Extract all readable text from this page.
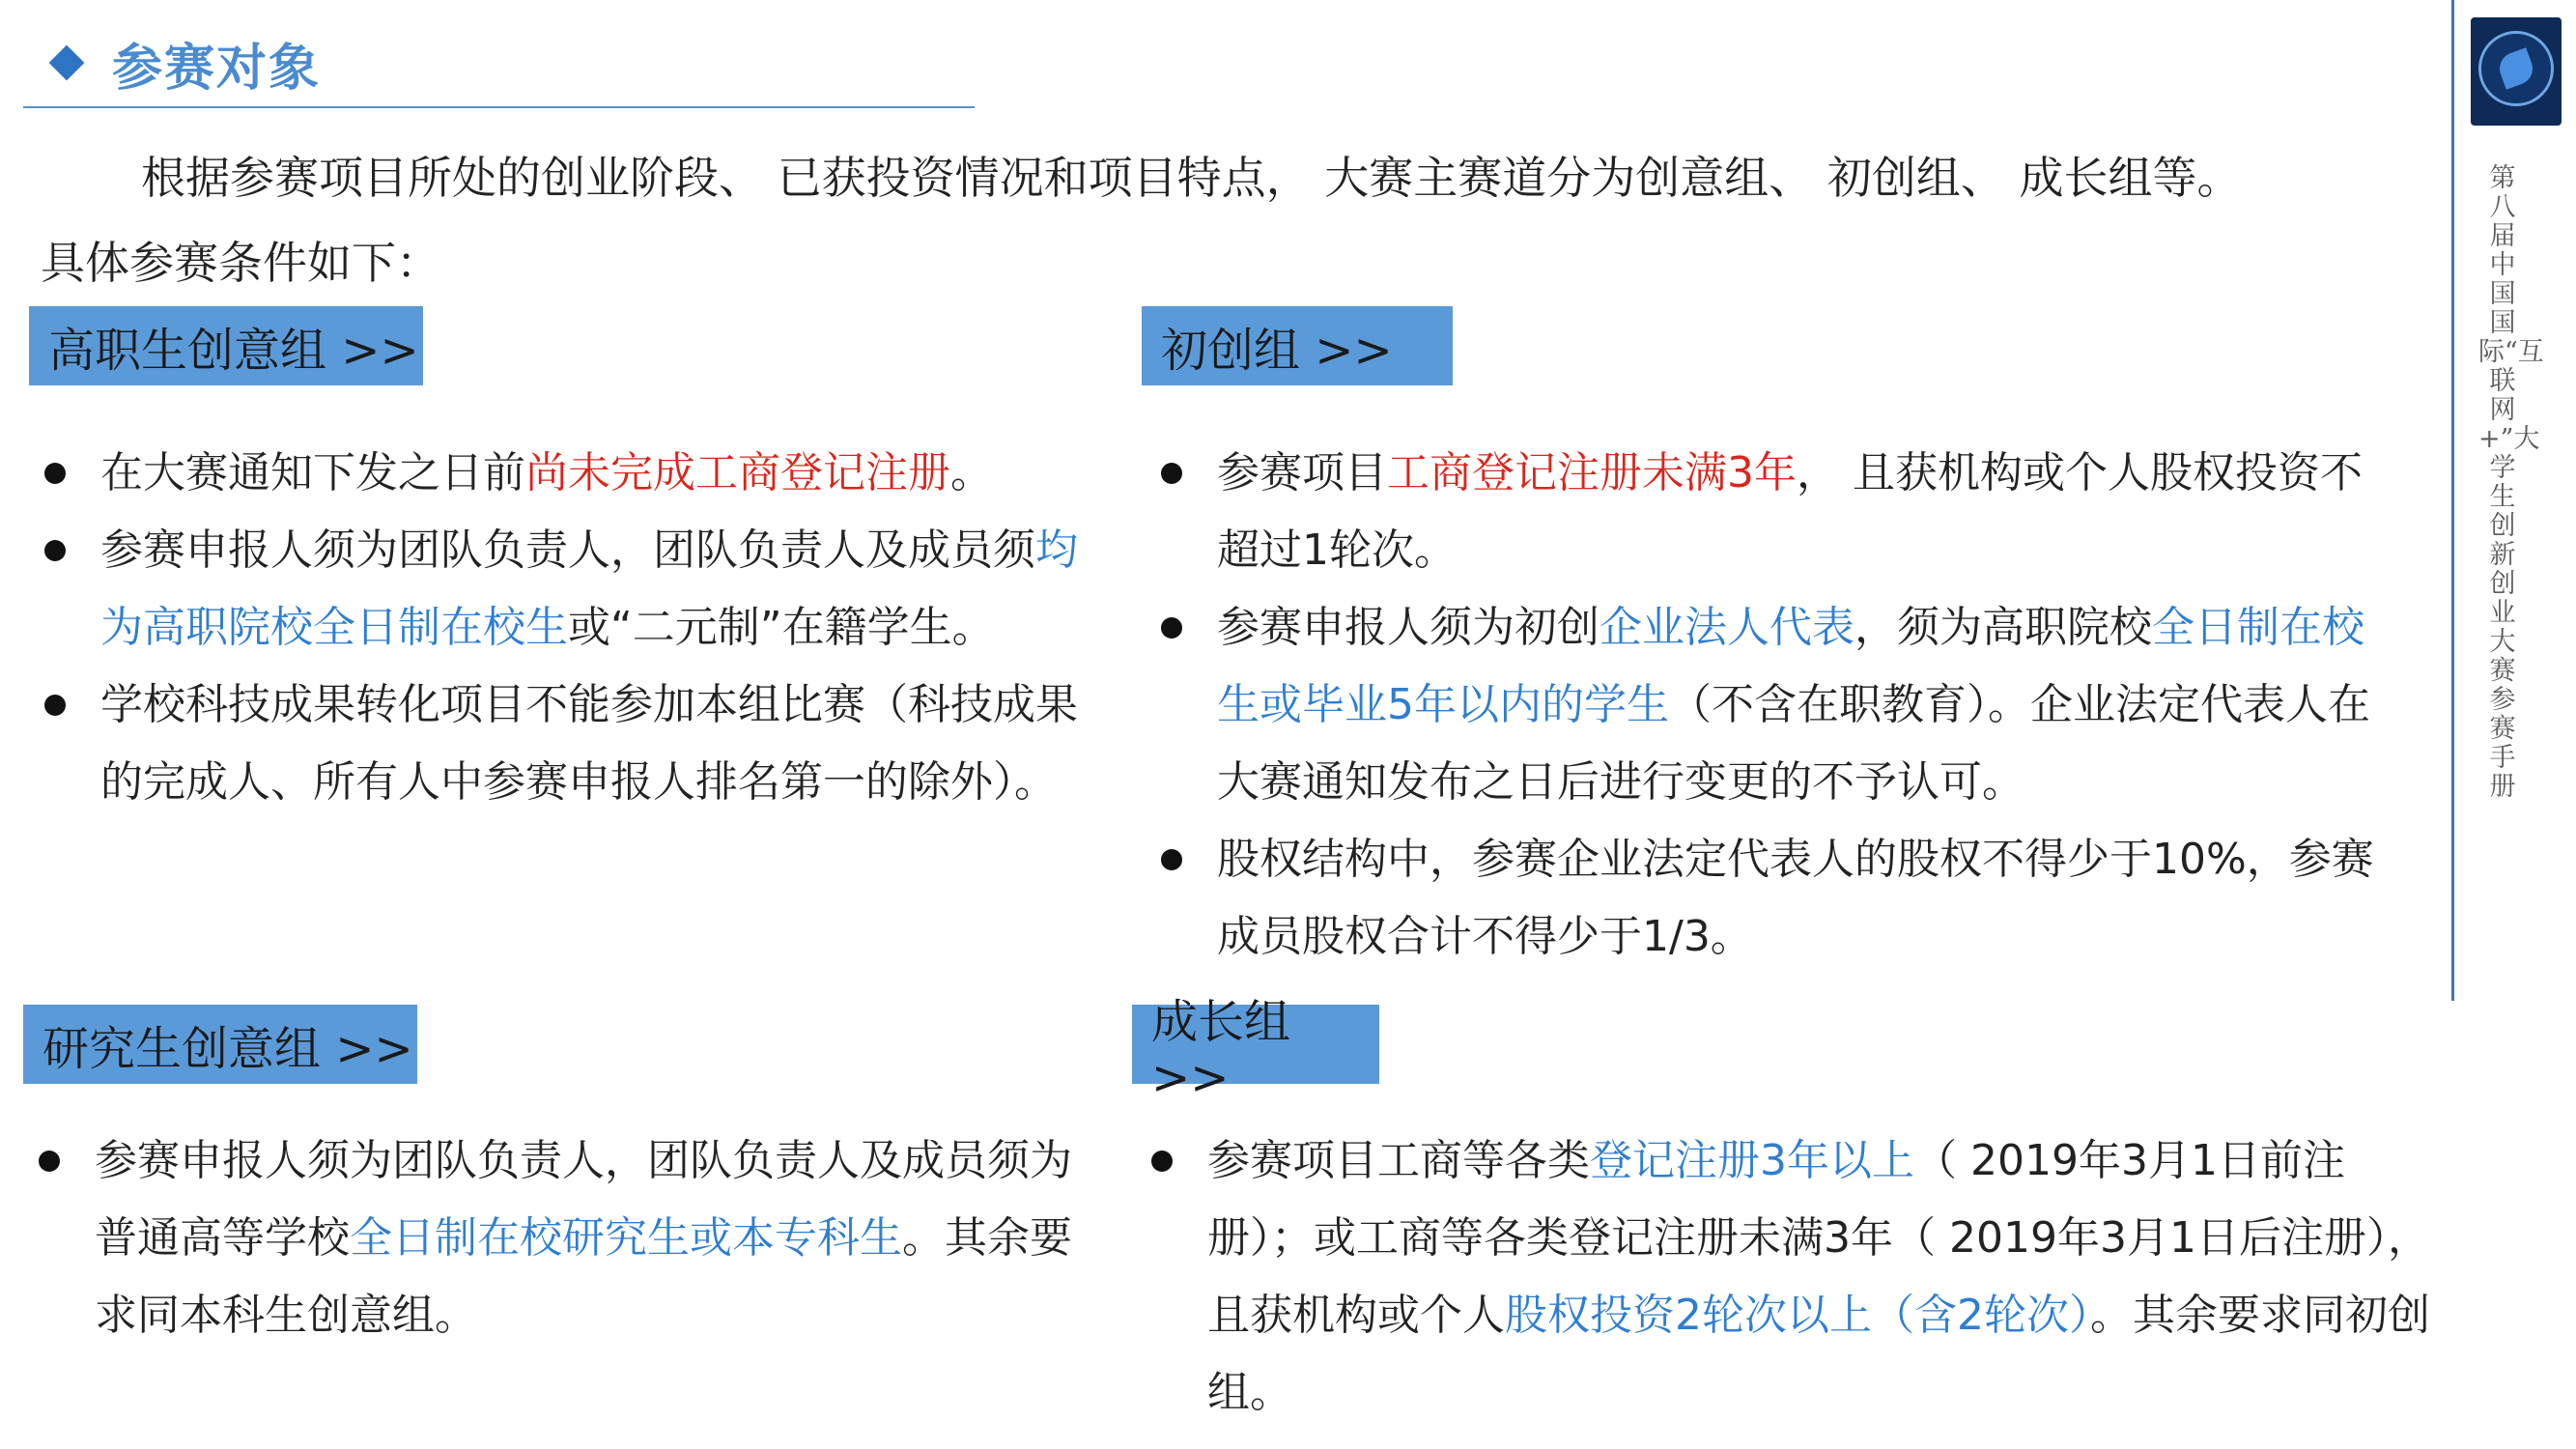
参赛对象
根据参赛项目所处的创业阶段、 已获投资情况和项目特点， 大赛主赛道分为创意组、 初创组、 成长组等。
具体参赛条件如下：
高职生创意组 >>
在大赛通知下发之日前尚未完成工商登记注册。
参赛申报人须为团队负责人，团队负责人及成员须均为高职院校全日制在校生或“二元制”在籍学生。
学校科技成果转化项目不能参加本组比赛（科技成果的完成人、所有人中参赛申报人排名第一的除外）。
初创组 >>
参赛项目工商登记注册未满3年， 且获机构或个人股权投资不超过1轮次。
参赛申报人须为初创企业法人代表，须为高职院校全日制在校生或毕业5年以内的学生（不含在职教育）。企业法定代表人在大赛通知发布之日后进行变更的不予认可。
股权结构中，参赛企业法定代表人的股权不得少于10%，参赛成员股权合计不得少于1/3。
研究生创意组 >>
参赛申报人须为团队负责人，团队负责人及成员须为普通高等学校全日制在校研究生或本专科生。其余要求同本科生创意组。
成长组 >>
参赛项目工商等各类登记注册3年以上（ 2019年3月1日前注册）；或工商等各类登记注册未满3年（ 2019年3月1日后注册），且获机构或个人股权投资2轮次以上（含2轮次）。其余要求同初创组。
第八届中国国际“互联网+”大学生创新创业大赛参赛手册
